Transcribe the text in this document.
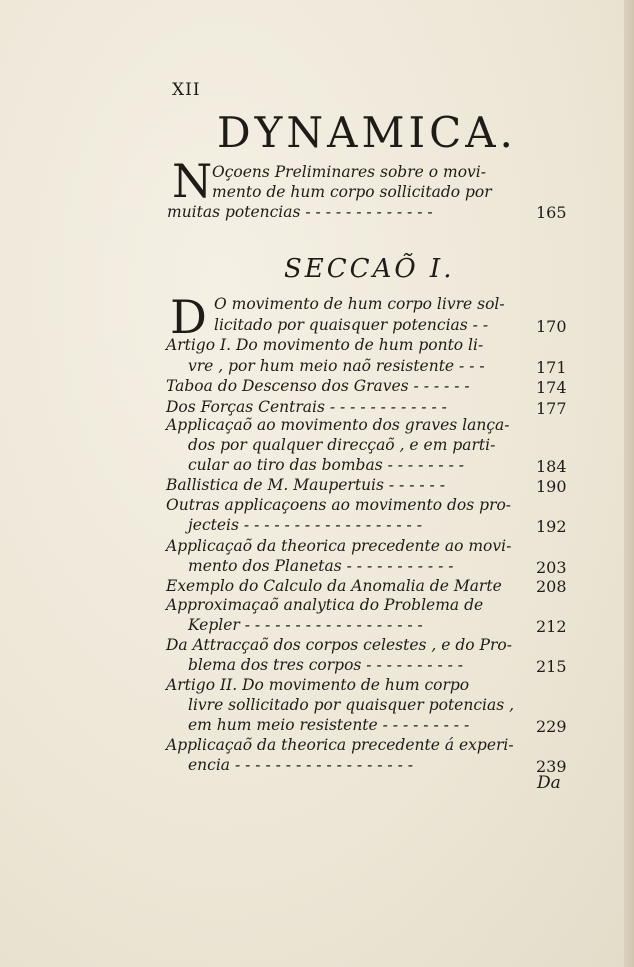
XII
DYNAMICA.
N Oçoens Preliminares sobre o movi-
mento de hum corpo sollicitado por
muitas potencias - - - - - - - - - - - - -	165
SECCAÕ I.
D O movimento de hum corpo livre sol-
licitado por quaisquer potencias - -	170
Artigo I. Do movimento de hum ponto li-
vre , por hum meio naõ resistente - - -	171
Taboa do Descenso dos Graves - - - - - -	174
Dos Forças Centrais - - - - - - - - - - - -	177
Applicaçaõ ao movimento dos graves lança-
dos por qualquer direcçaõ , e em parti-
cular ao tiro das bombas - - - - - - - -	184
Ballistica de M. Maupertuis - - - - - -	190
Outras applicaçoens ao movimento dos pro-
jecteis - - - - - - - - - - - - - - - - - -	192
Applicaçaõ da theorica precedente ao movi-
mento dos Planetas - - - - - - - - - - -	203
Exemplo do Calculo da Anomalia de Marte 208
Approximaçaõ analytica do Problema de
Kepler - - - - - - - - - - - - - - - - - -	212
Da Attracçaõ dos corpos celestes , e do Pro-
blema dos tres corpos - - - - - - - - - -	215
Artigo II. Do movimento de hum corpo
livre sollicitado por quaisquer potencias ,
em hum meio resistente - - - - - - - - -	229
Applicaçaõ da theorica precedente á experi-
encia - - - - - - - - - - - - - - - - - -	239
Da
